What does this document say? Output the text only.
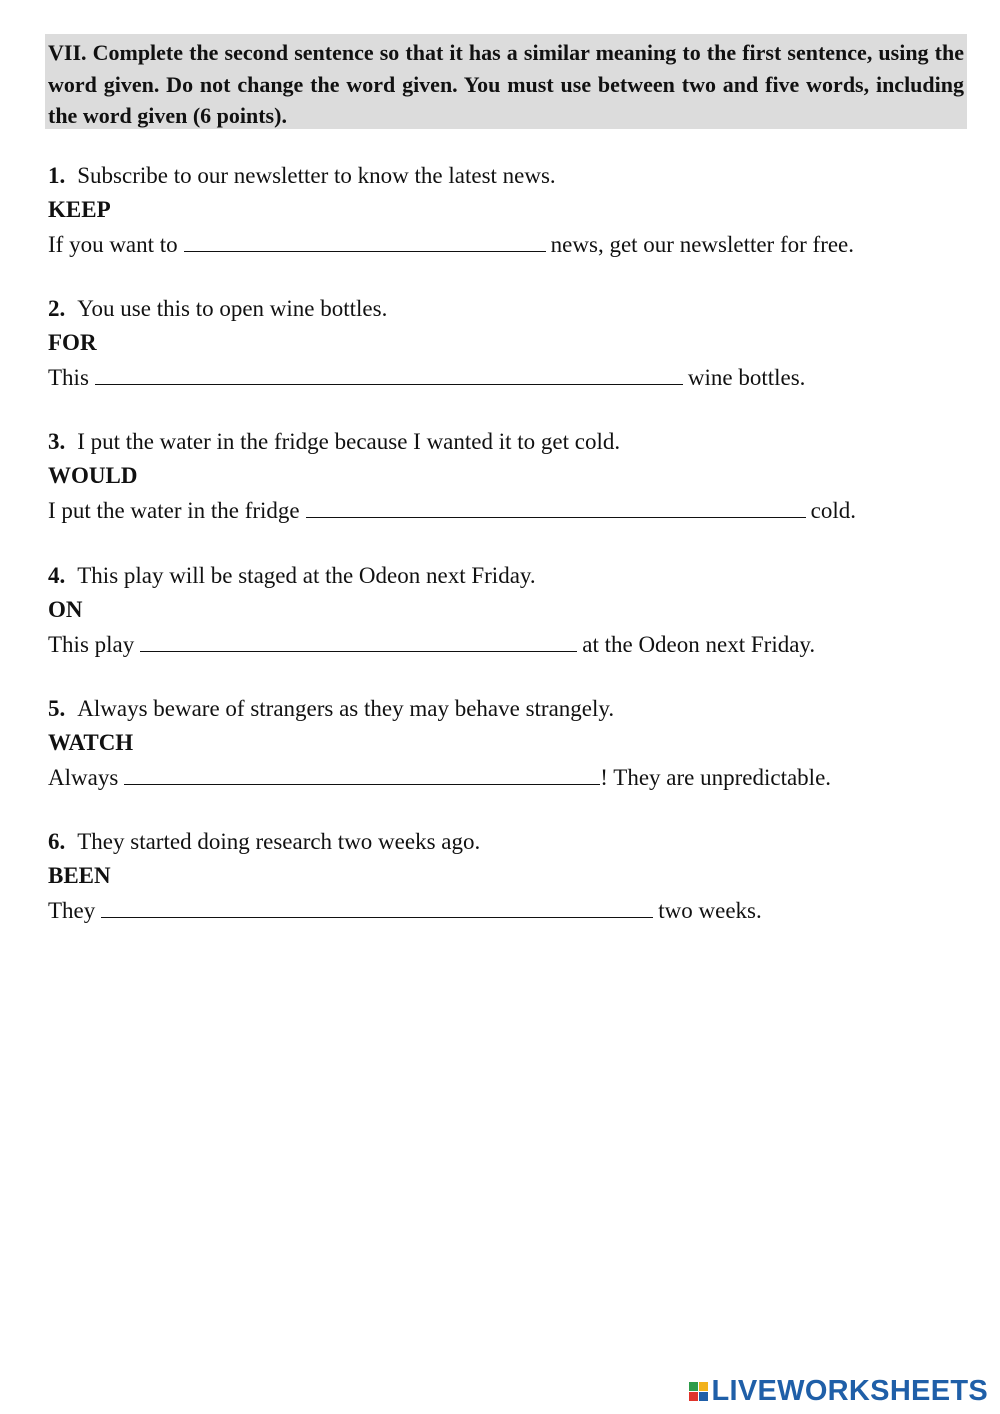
VII. Complete the second sentence so that it has a similar meaning to the first sentence, using the word given. Do not change the word given. You must use between two and five words, including the word given (6 points).
1. Subscribe to our newsletter to know the latest news.
KEEP
If you want to	news, get our newsletter for free.
2. You use this to open wine bottles.
FOR
This	wine bottles.
3. I put the water in the fridge because I wanted it to get cold.
WOULD
I put the water in the fridge	cold.
4. This play will be staged at the Odeon next Friday.
ON
This play	at the Odeon next Friday.
5. Always beware of strangers as they may behave strangely.
WATCH
Always	! They are unpredictable.
6. They started doing research two weeks ago.
BEEN
They	two weeks.
LIVEWORKSHEETS
